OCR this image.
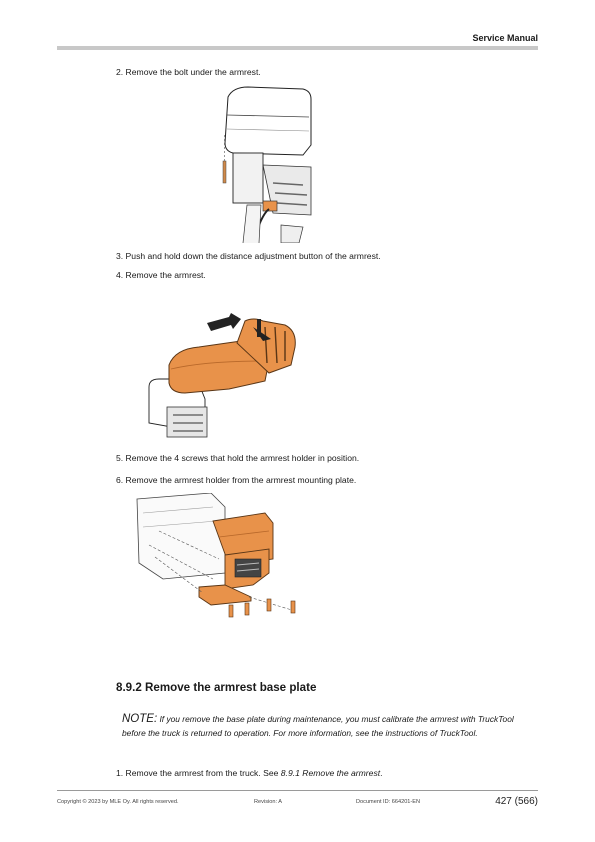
Service Manual
2. Remove the bolt under the armrest.
3. Push and hold down the distance adjustment button of the armrest.
4. Remove the armrest.
5. Remove the 4 screws that hold the armrest holder in position.
6. Remove the armrest holder from the armrest mounting plate.
8.9.2 Remove the armrest base plate
NOTE: If you remove the base plate during maintenance, you must calibrate the armrest with TruckTool before the truck is returned to operation. For more information, see the instructions of TruckTool.
1. Remove the armrest from the truck. See 8.9.1 Remove the armrest.
Copyright © 2023 by MLE Oy. All rights reserved.	Revision: A	Document ID: 664201-EN	427 (566)
